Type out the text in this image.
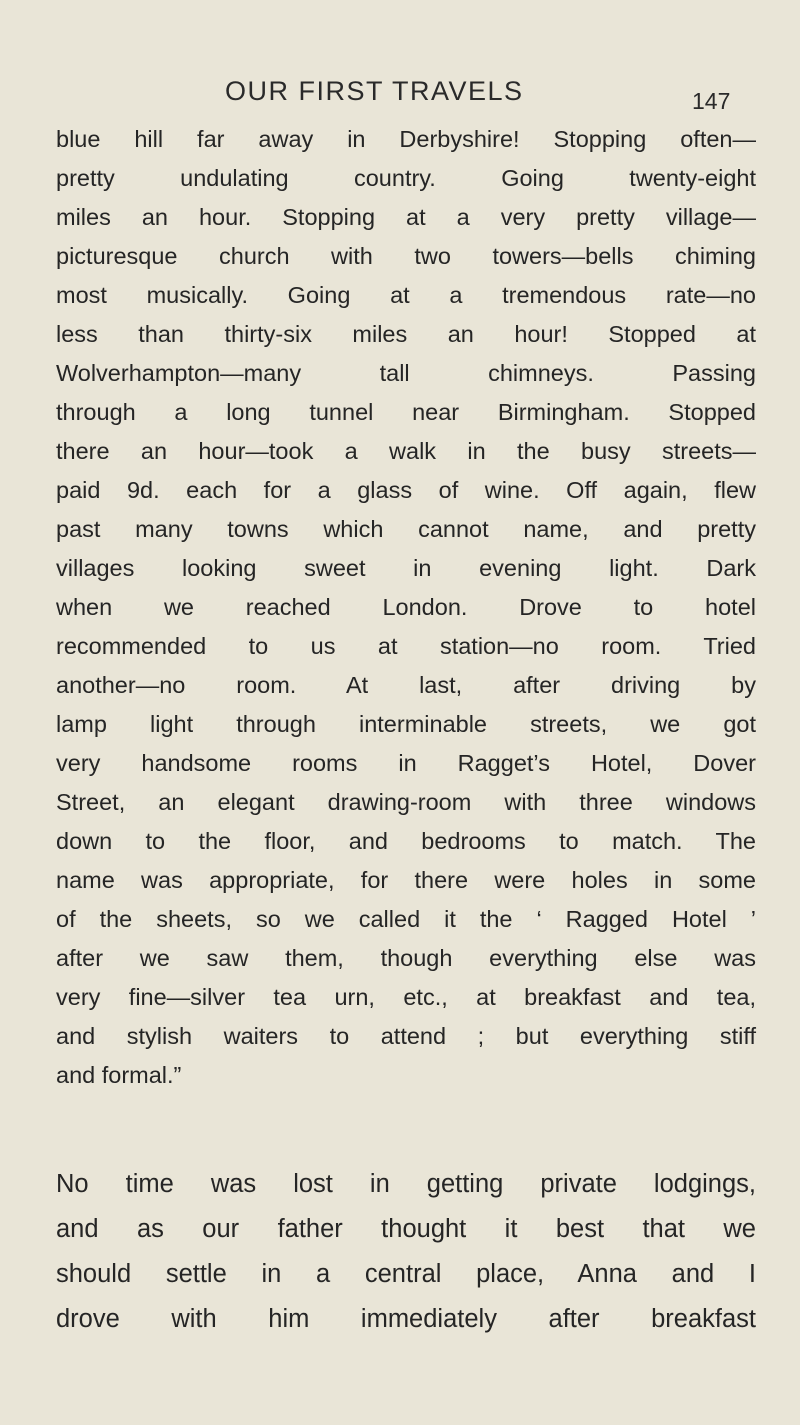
OUR FIRST TRAVELS	147
blue hill far away in Derbyshire! Stopping often—
pretty undulating country. Going twenty-eight
miles an hour. Stopping at a very pretty village—
picturesque church with two towers—bells chiming
most musically. Going at a tremendous rate—no
less than thirty-six miles an hour! Stopped at
Wolverhampton—many tall chimneys. Passing
through a long tunnel near Birmingham. Stopped
there an hour—took a walk in the busy streets—
paid 9d. each for a glass of wine. Off again, flew
past many towns which cannot name, and pretty
villages looking sweet in evening light. Dark
when we reached London. Drove to hotel
recommended to us at station—no room. Tried
another—no room. At last, after driving by
lamp light through interminable streets, we got
very handsome rooms in Ragget’s Hotel, Dover
Street, an elegant drawing-room with three windows
down to the floor, and bedrooms to match. The
name was appropriate, for there were holes in some
of the sheets, so we called it the ‘ Ragged Hotel ’
after we saw them, though everything else was
very fine—silver tea urn, etc., at breakfast and tea,
and stylish waiters to attend ; but everything stiff
and formal.”
No time was lost in getting private lodgings,
and as our father thought it best that we
should settle in a central place, Anna and I
drove with him immediately after breakfast
